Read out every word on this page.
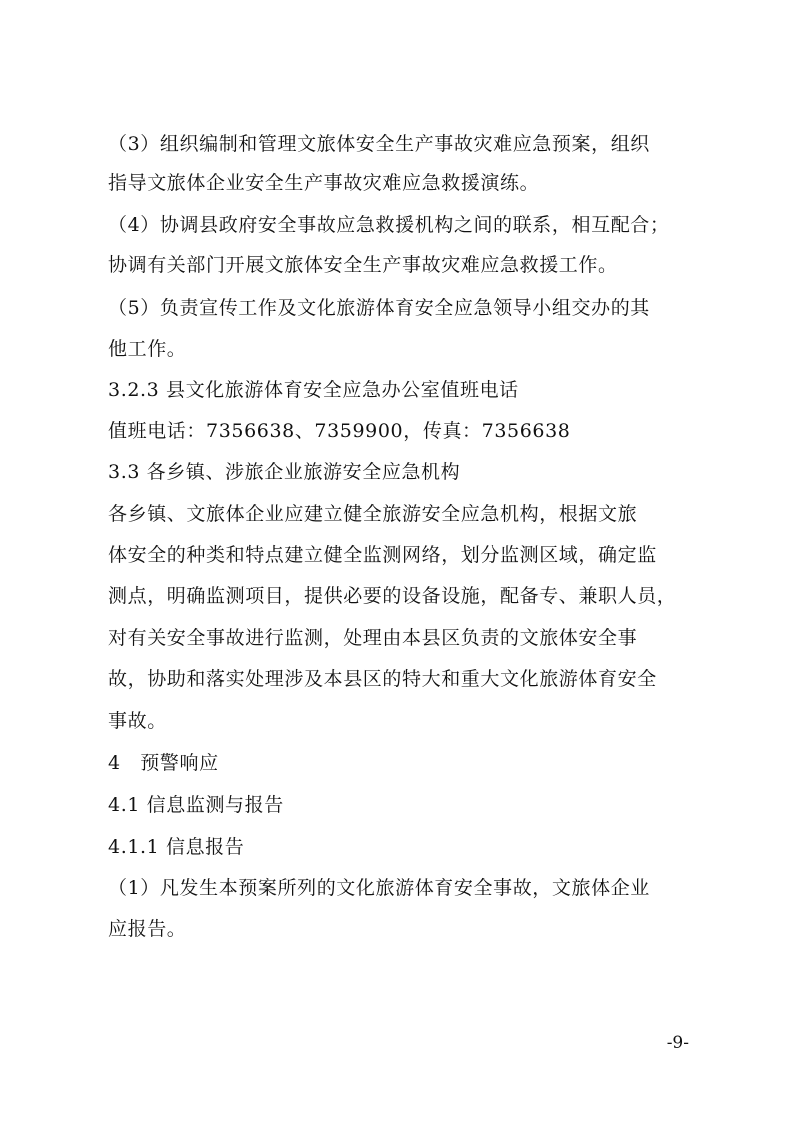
（3）组织编制和管理文旅体安全生产事故灾难应急预案，组织
指导文旅体企业安全生产事故灾难应急救援演练。
（4）协调县政府安全事故应急救援机构之间的联系，相互配合；
协调有关部门开展文旅体安全生产事故灾难应急救援工作。
（5）负责宣传工作及文化旅游体育安全应急领导小组交办的其
他工作。
3.2.3 县文化旅游体育安全应急办公室值班电话
值班电话：7356638、7359900，传真：7356638
3.3 各乡镇、涉旅企业旅游安全应急机构
各乡镇、文旅体企业应建立健全旅游安全应急机构，根据文旅
体安全的种类和特点建立健全监测网络，划分监测区域，确定监
测点，明确监测项目，提供必要的设备设施，配备专、兼职人员，
对有关安全事故进行监测，处理由本县区负责的文旅体安全事
故，协助和落实处理涉及本县区的特大和重大文化旅游体育安全
事故。
4　预警响应
4.1 信息监测与报告
4.1.1 信息报告
（1）凡发生本预案所列的文化旅游体育安全事故，文旅体企业
应报告。
-9-
